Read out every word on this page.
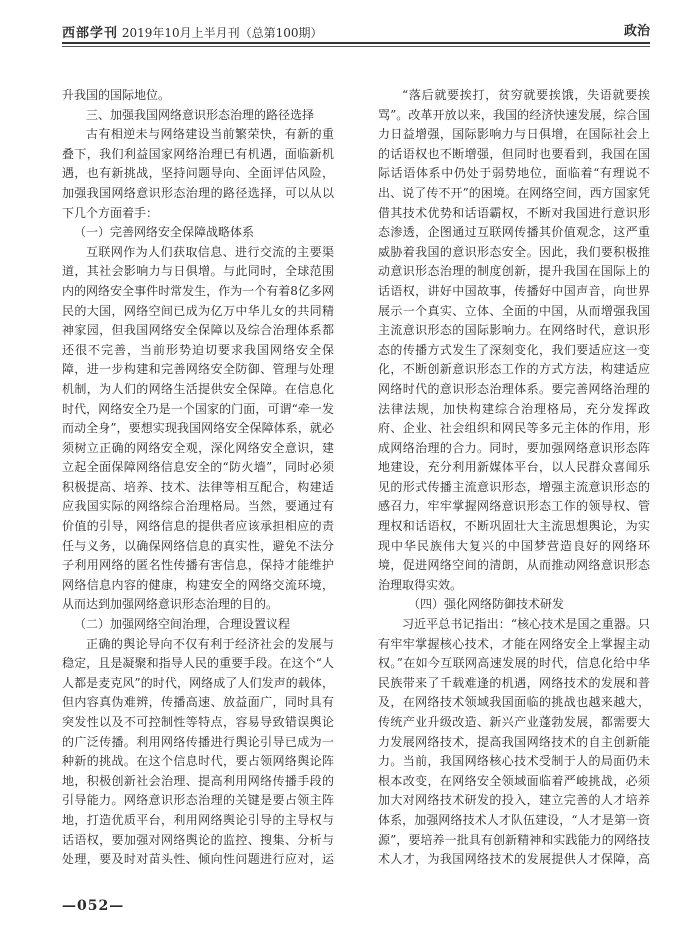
西部学刊 2019年10月上半月刊（总第100期）	政治

升我国的国际地位。

三、加强我国网络意识形态治理的路径选择

古有相逆未与网络建设当前繁荣快，有新的重叠下，我们利益国家网络治理已有机遇，面临新机遇，也有新挑战，坚持问题导向、全面评估风险，加强我国网络意识形态治理的路径选择，可以从以下几个方面着手：

（一）完善网络安全保障战略体系

互联网作为人们获取信息、进行交流的主要渠道，其社会影响力与日俱增。与此同时，全球范围内的网络安全事件时常发生，作为一个有着8亿多网民的大国，网络空间已成为亿万中华儿女的共同精神家园，但我国网络安全保障以及综合治理体系都还很不完善，当前形势迫切要求我国网络安全保障，进一步构建和完善网络安全防御、管理与处理机制，为人们的网络生活提供安全保障。在信息化时代，网络安全乃是一个国家的门面，可谓“牵一发而动全身”，要想实现我国网络安全保障体系，就必须树立正确的网络安全观，深化网络安全意识，建立起全面保障网络信息安全的“防火墙”，同时必须积极提高、培养、技术、法律等相互配合，构建适应我国实际的网络综合治理格局。当然，要通过有价值的引导，网络信息的提供者应该承担相应的责任与义务，以确保网络信息的真实性，避免不法分子利用网络的匿名性传播有害信息，保持才能维护网络信息内容的健康，构建安全的网络交流环境，从而达到加强网络意识形态治理的目的。

（二）加强网络空间治理，合理设置议程

正确的舆论导向不仅有利于经济社会的发展与稳定，且是凝聚和指导人民的重要手段。在这个“人人都是麦克风”的时代，网络成了人们发声的载体，但内容真伪难辨，传播高速、放益面广，同时具有突发性以及不可控制性等特点，容易导致错误舆论的广泛传播。利用网络传播进行舆论引导已成为一种新的挑战。在这个信息时代，要占领网络舆论阵地，积极创新社会治理、提高利用网络传播手段的引导能力。网络意识形态治理的关键是要占领主阵地，打造优质平台，利用网络舆论引导的主导权与话语权，要加强对网络舆论的监控、搜集、分析与处理，要及时对苗头性、倾向性问题进行应对，运

“落后就要挨打，贫穷就要挨饿，失语就要挨骂”。改革开放以来，我国的经济快速发展，综合国力日益增强，国际影响力与日俱增，在国际社会上的话语权也不断增强，但同时也要看到，我国在国际话语体系中仍处于弱势地位，面临着“有理说不出、说了传不开”的困境。在网络空间，西方国家凭借其技术优势和话语霸权，不断对我国进行意识形态渗透，企图通过互联网传播其价值观念，这严重威胁着我国的意识形态安全。因此，我们要积极推动意识形态治理的制度创新，提升我国在国际上的话语权，讲好中国故事，传播好中国声音，向世界展示一个真实、立体、全面的中国，从而增强我国主流意识形态的国际影响力。在网络时代，意识形态的传播方式发生了深刻变化，我们要适应这一变化，不断创新意识形态工作的方式方法，构建适应网络时代的意识形态治理体系。要完善网络治理的法律法规，加快构建综合治理格局，充分发挥政府、企业、社会组织和网民等多元主体的作用，形成网络治理的合力。同时，要加强网络意识形态阵地建设，充分利用新媒体平台，以人民群众喜闻乐见的形式传播主流意识形态，增强主流意识形态的感召力，牢牢掌握网络意识形态工作的领导权、管理权和话语权，不断巩固壮大主流思想舆论，为实现中华民族伟大复兴的中国梦营造良好的网络环境，促进网络空间的清朗，从而推动网络意识形态治理取得实效。

（四）强化网络防御技术研发

习近平总书记指出：“核心技术是国之重器。只有牢牢掌握核心技术，才能在网络安全上掌握主动权。”在如今互联网高速发展的时代，信息化给中华民族带来了千载难逢的机遇，网络技术的发展和普及，在网络技术领域我国面临的挑战也越来越大，传统产业升级改造、新兴产业蓬勃发展，都需要大力发展网络技术，提高我国网络技术的自主创新能力。当前，我国网络核心技术受制于人的局面仍未根本改变，在网络安全领域面临着严峻挑战，必须加大对网络技术研发的投入，建立完善的人才培养体系，加强网络技术人才队伍建设，“人才是第一资源”，要培养一批具有创新精神和实践能力的网络技术人才，为我国网络技术的发展提供人才保障，高

—052—
